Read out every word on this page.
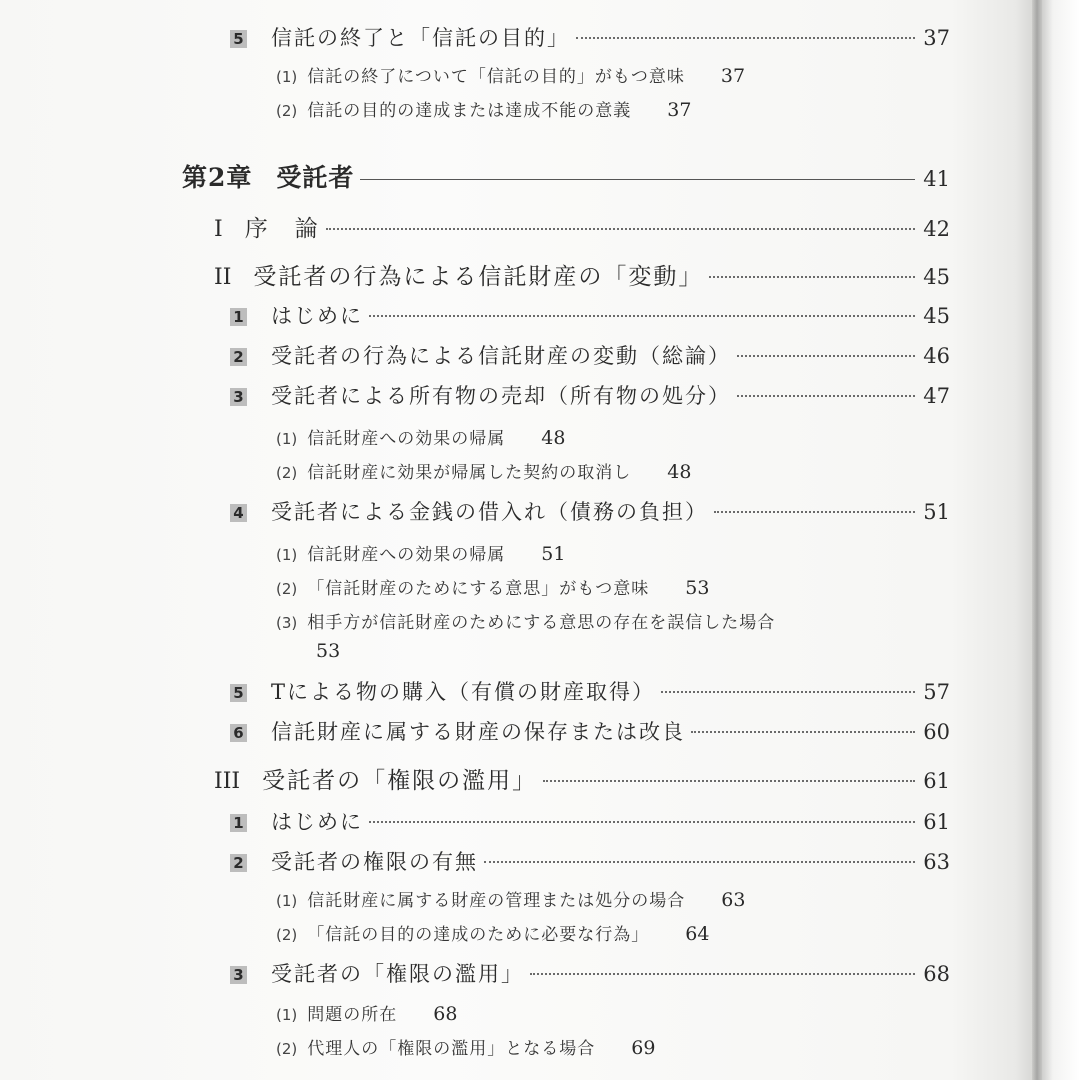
5 信託の終了と「信託の目的」	37
(1) 信託の終了について「信託の目的」がもつ意味 37
(2) 信託の目的の達成または達成不能の意義 37
第2章 受託者	41
I 序　論	42
II 受託者の行為による信託財産の「変動」	45
1 はじめに	45
2 受託者の行為による信託財産の変動（総論）	46
3 受託者による所有物の売却（所有物の処分）	47
(1) 信託財産への効果の帰属 48
(2) 信託財産に効果が帰属した契約の取消し 48
4 受託者による金銭の借入れ（債務の負担）	51
(1) 信託財産への効果の帰属 51
(2) 「信託財産のためにする意思」がもつ意味 53
(3) 相手方が信託財産のためにする意思の存在を誤信した場合
53
5 Tによる物の購入（有償の財産取得）	57
6 信託財産に属する財産の保存または改良	60
III 受託者の「権限の濫用」	61
1 はじめに	61
2 受託者の権限の有無	63
(1) 信託財産に属する財産の管理または処分の場合 63
(2) 「信託の目的の達成のために必要な行為」 64
3 受託者の「権限の濫用」	68
(1) 問題の所在 68
(2) 代理人の「権限の濫用」となる場合 69
